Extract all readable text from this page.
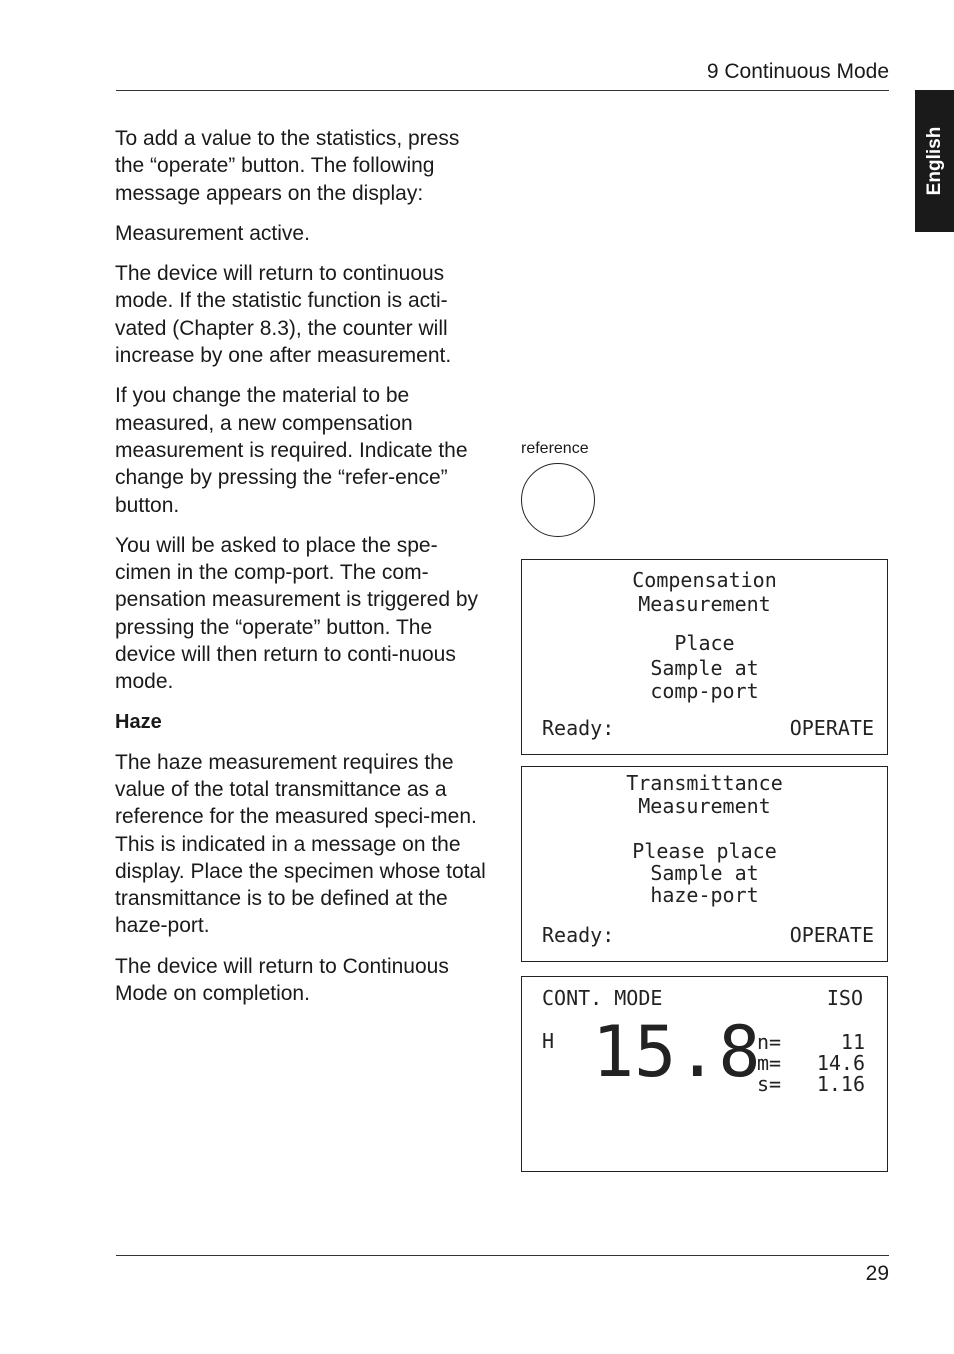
9 Continuous Mode

English

To add a value to the statistics, press the “operate” button. The following message appears on the display:

Measurement active.

The device will return to continuous mode. If the statistic function is acti-vated (Chapter 8.3), the counter will increase by one after measurement.

If you change the material to be measured, a new compensation measurement is required. Indicate the change by pressing the “refer-ence” button.

You will be asked to place the spe-cimen in the comp-port. The com-pensation measurement is triggered by pressing the “operate” button. The device will then return to conti-nuous mode.

Haze

The haze measurement requires the value of the total transmittance as a reference for the measured speci-men. This is indicated in a message on the display. Place the specimen whose total transmittance is to be defined at the haze-port.

The device will return to Continuous Mode on completion.

reference
Compensation
Measurement
Place
Sample at
comp-port
Ready:	OPERATE
Transmittance
Measurement
Please place
Sample at
haze-port
Ready:	OPERATE
CONT. MODE	ISO
H 15.8
n=	11
m= 14.6
s= 1.16

29
